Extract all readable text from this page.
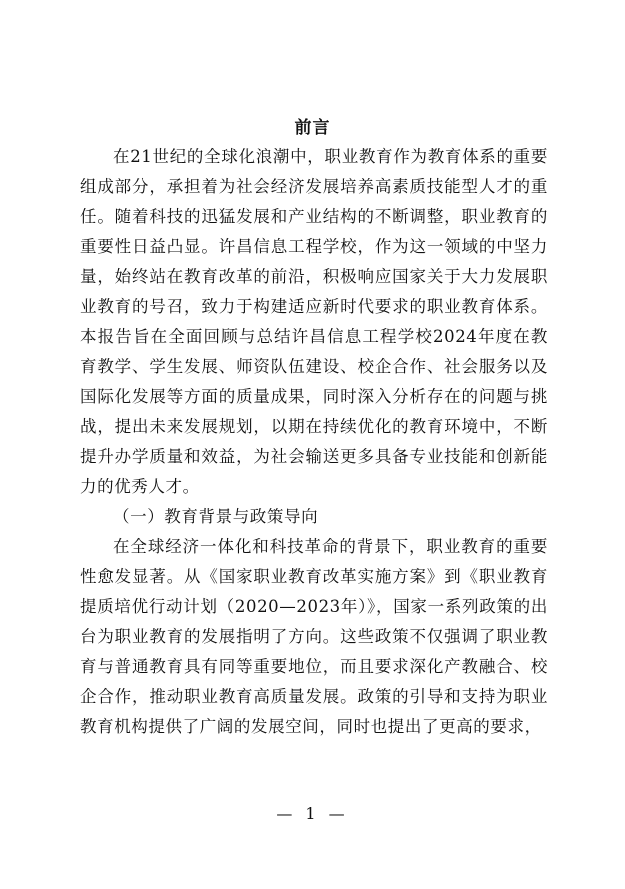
前言

在21世纪的全球化浪潮中，职业教育作为教育体系的重要组成部分，承担着为社会经济发展培养高素质技能型人才的重任。随着科技的迅猛发展和产业结构的不断调整，职业教育的重要性日益凸显。许昌信息工程学校，作为这一领域的中坚力量，始终站在教育改革的前沿，积极响应国家关于大力发展职业教育的号召，致力于构建适应新时代要求的职业教育体系。本报告旨在全面回顾与总结许昌信息工程学校2024年度在教育教学、学生发展、师资队伍建设、校企合作、社会服务以及国际化发展等方面的质量成果，同时深入分析存在的问题与挑战，提出未来发展规划，以期在持续优化的教育环境中，不断提升办学质量和效益，为社会输送更多具备专业技能和创新能力的优秀人才。

（一）教育背景与政策导向

在全球经济一体化和科技革命的背景下，职业教育的重要性愈发显著。从《国家职业教育改革实施方案》到《职业教育提质培优行动计划（2020—2023年）》，国家一系列政策的出台为职业教育的发展指明了方向。这些政策不仅强调了职业教育与普通教育具有同等重要地位，而且要求深化产教融合、校企合作，推动职业教育高质量发展。政策的引导和支持为职业教育机构提供了广阔的发展空间，同时也提出了更高的要求，

— 1 —
